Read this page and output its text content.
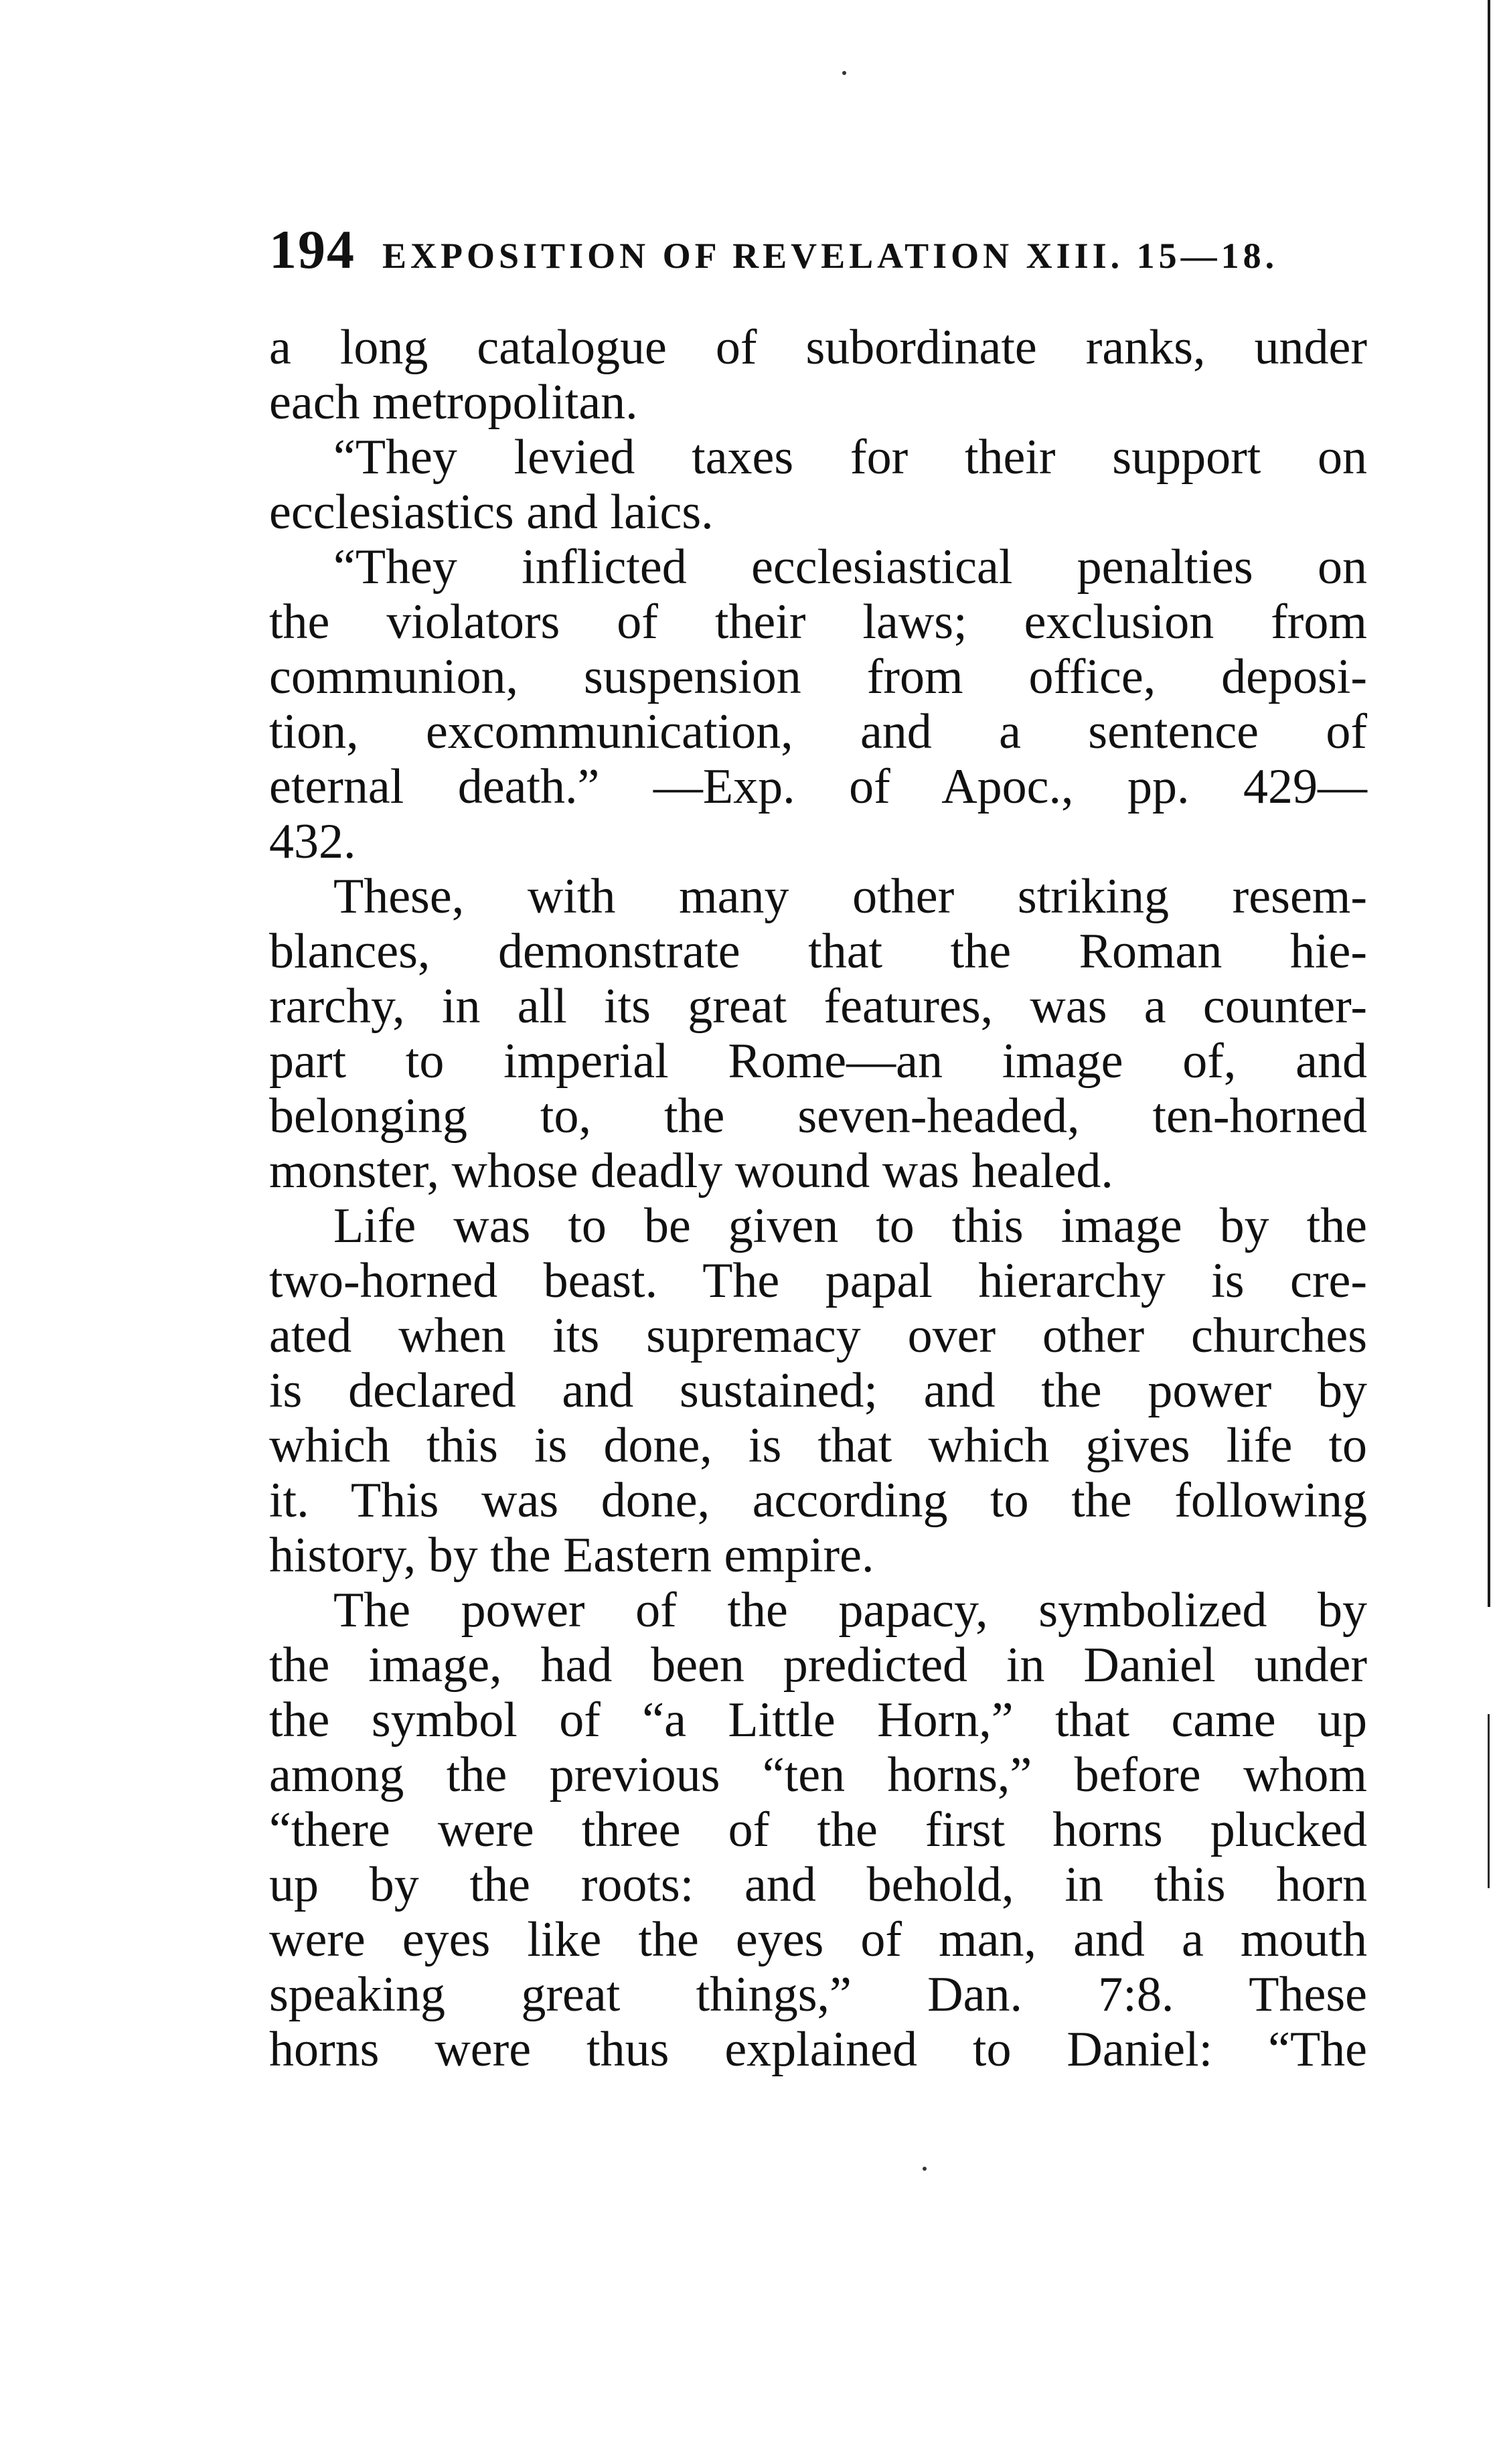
194 EXPOSITION OF REVELATION XIII. 15—18.
a long catalogue of subordinate ranks, under
each metropolitan.
“They levied taxes for their support on
ecclesiastics and laics.
“They inflicted ecclesiastical penalties on
the violators of their laws; exclusion from
communion, suspension from office, deposi-
tion, excommunication, and a sentence of
eternal death.” —Exp. of Apoc., pp. 429—
432.
These, with many other striking resem-
blances, demonstrate that the Roman hie-
rarchy, in all its great features, was a counter-
part to imperial Rome—an image of, and
belonging to, the seven-headed, ten-horned
monster, whose deadly wound was healed.
Life was to be given to this image by the
two-horned beast. The papal hierarchy is cre-
ated when its supremacy over other churches
is declared and sustained; and the power by
which this is done, is that which gives life to
it. This was done, according to the following
history, by the Eastern empire.
The power of the papacy, symbolized by
the image, had been predicted in Daniel under
the symbol of “a Little Horn,” that came up
among the previous “ten horns,” before whom
“there were three of the first horns plucked
up by the roots: and behold, in this horn
were eyes like the eyes of man, and a mouth
speaking great things,” Dan. 7:8. These
horns were thus explained to Daniel: “The
